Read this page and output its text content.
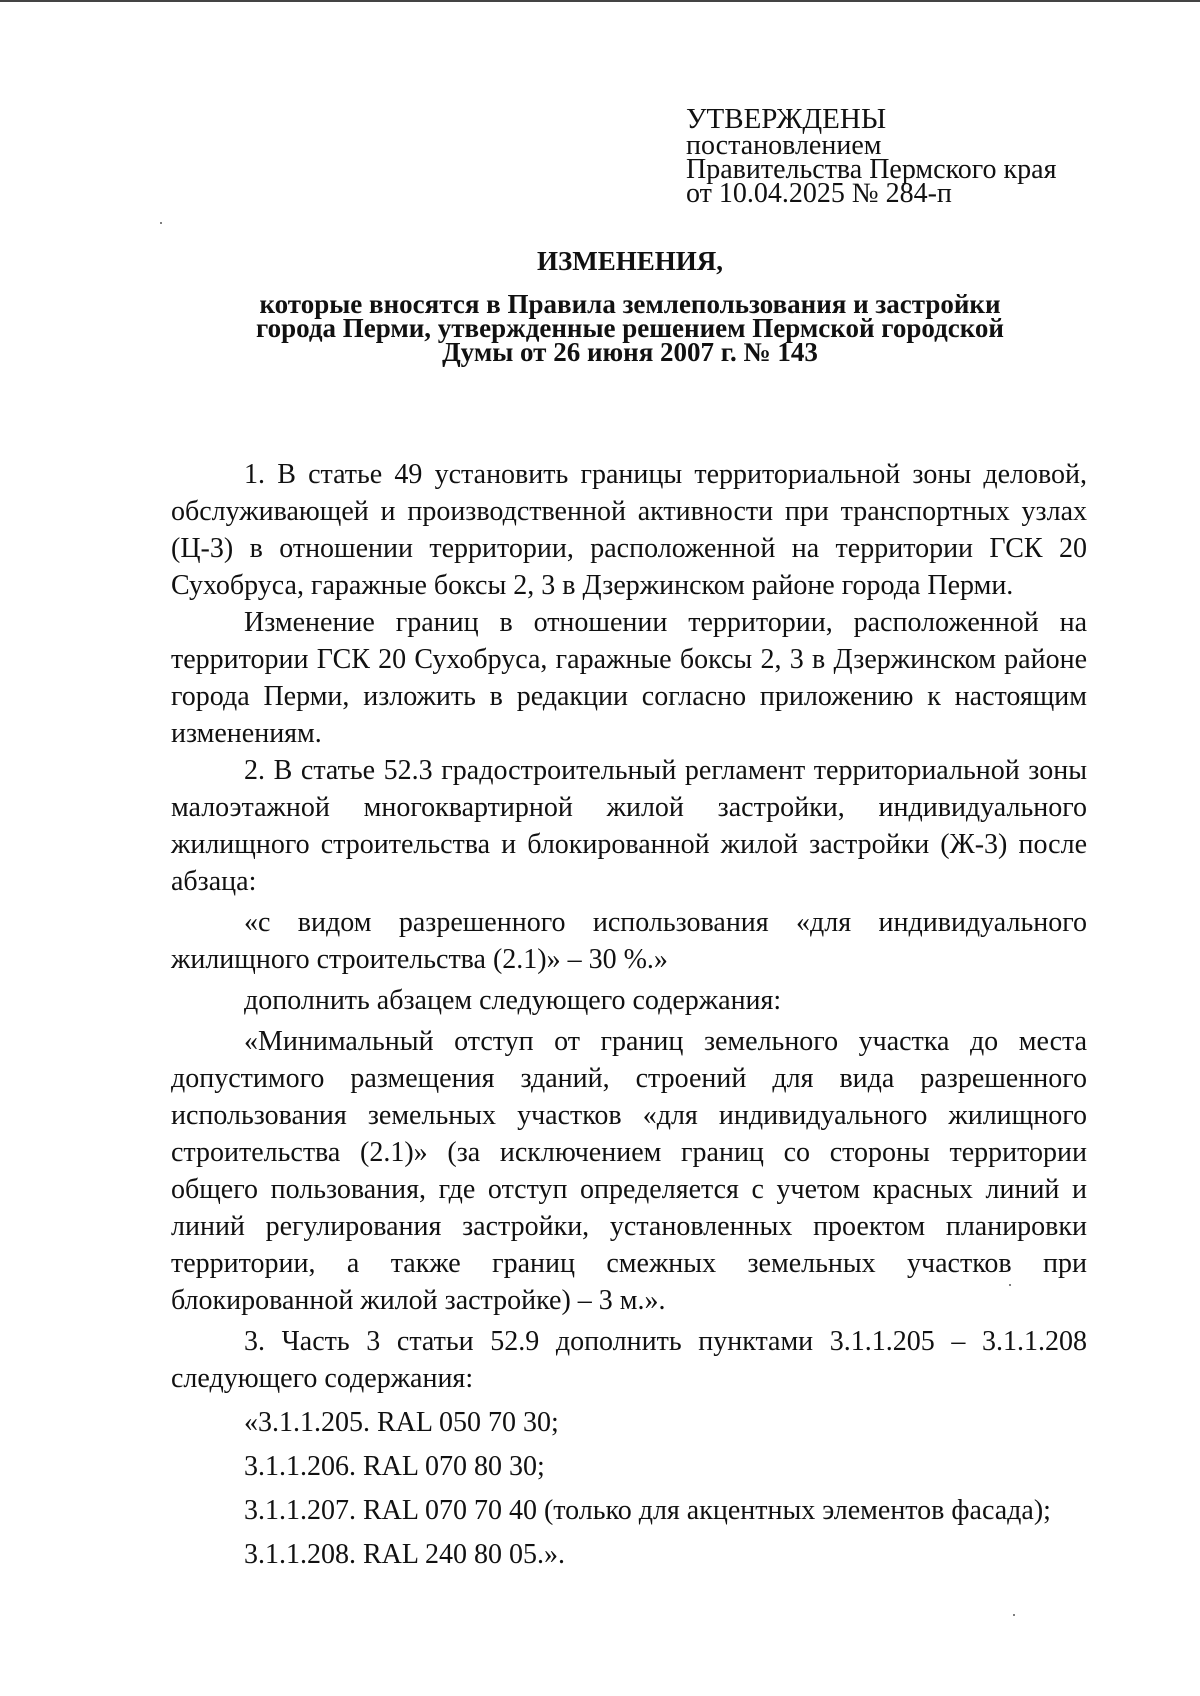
УТВЕРЖДЕНЫ
постановлением
Правительства Пермского края
от 10.04.2025 № 284-п
ИЗМЕНЕНИЯ,
которые вносятся в Правила землепользования и застройки
города Перми, утвержденные решением Пермской городской
Думы от 26 июня 2007 г. № 143

1. В статье 49 установить границы территориальной зоны деловой, обслуживающей и производственной активности при транспортных узлах (Ц-3) в отношении территории, расположенной на территории ГСК 20 Сухобруса, гаражные боксы 2, 3 в Дзержинском районе города Перми.

Изменение границ в отношении территории, расположенной на территории ГСК 20 Сухобруса, гаражные боксы 2, 3 в Дзержинском районе города Перми, изложить в редакции согласно приложению к настоящим изменениям.

2. В статье 52.3 градостроительный регламент территориальной зоны малоэтажной многоквартирной жилой застройки, индивидуального жилищного строительства и блокированной жилой застройки (Ж-3) после абзаца:

«с видом разрешенного использования «для индивидуального жилищного строительства (2.1)» – 30 %.»

дополнить абзацем следующего содержания:

«Минимальный отступ от границ земельного участка до места допустимого размещения зданий, строений для вида разрешенного использования земельных участков «для индивидуального жилищного строительства (2.1)» (за исключением границ со стороны территории общего пользования, где отступ определяется с учетом красных линий и линий регулирования застройки, установленных проектом планировки территории, а также границ смежных земельных участков при блокированной жилой застройке) – 3 м.».

3. Часть 3 статьи 52.9 дополнить пунктами 3.1.1.205 – 3.1.1.208 следующего содержания:

«3.1.1.205. RAL 050 70 30;
3.1.1.206. RAL 070 80 30;
3.1.1.207. RAL 070 70 40 (только для акцентных элементов фасада);
3.1.1.208. RAL 240 80 05.».
